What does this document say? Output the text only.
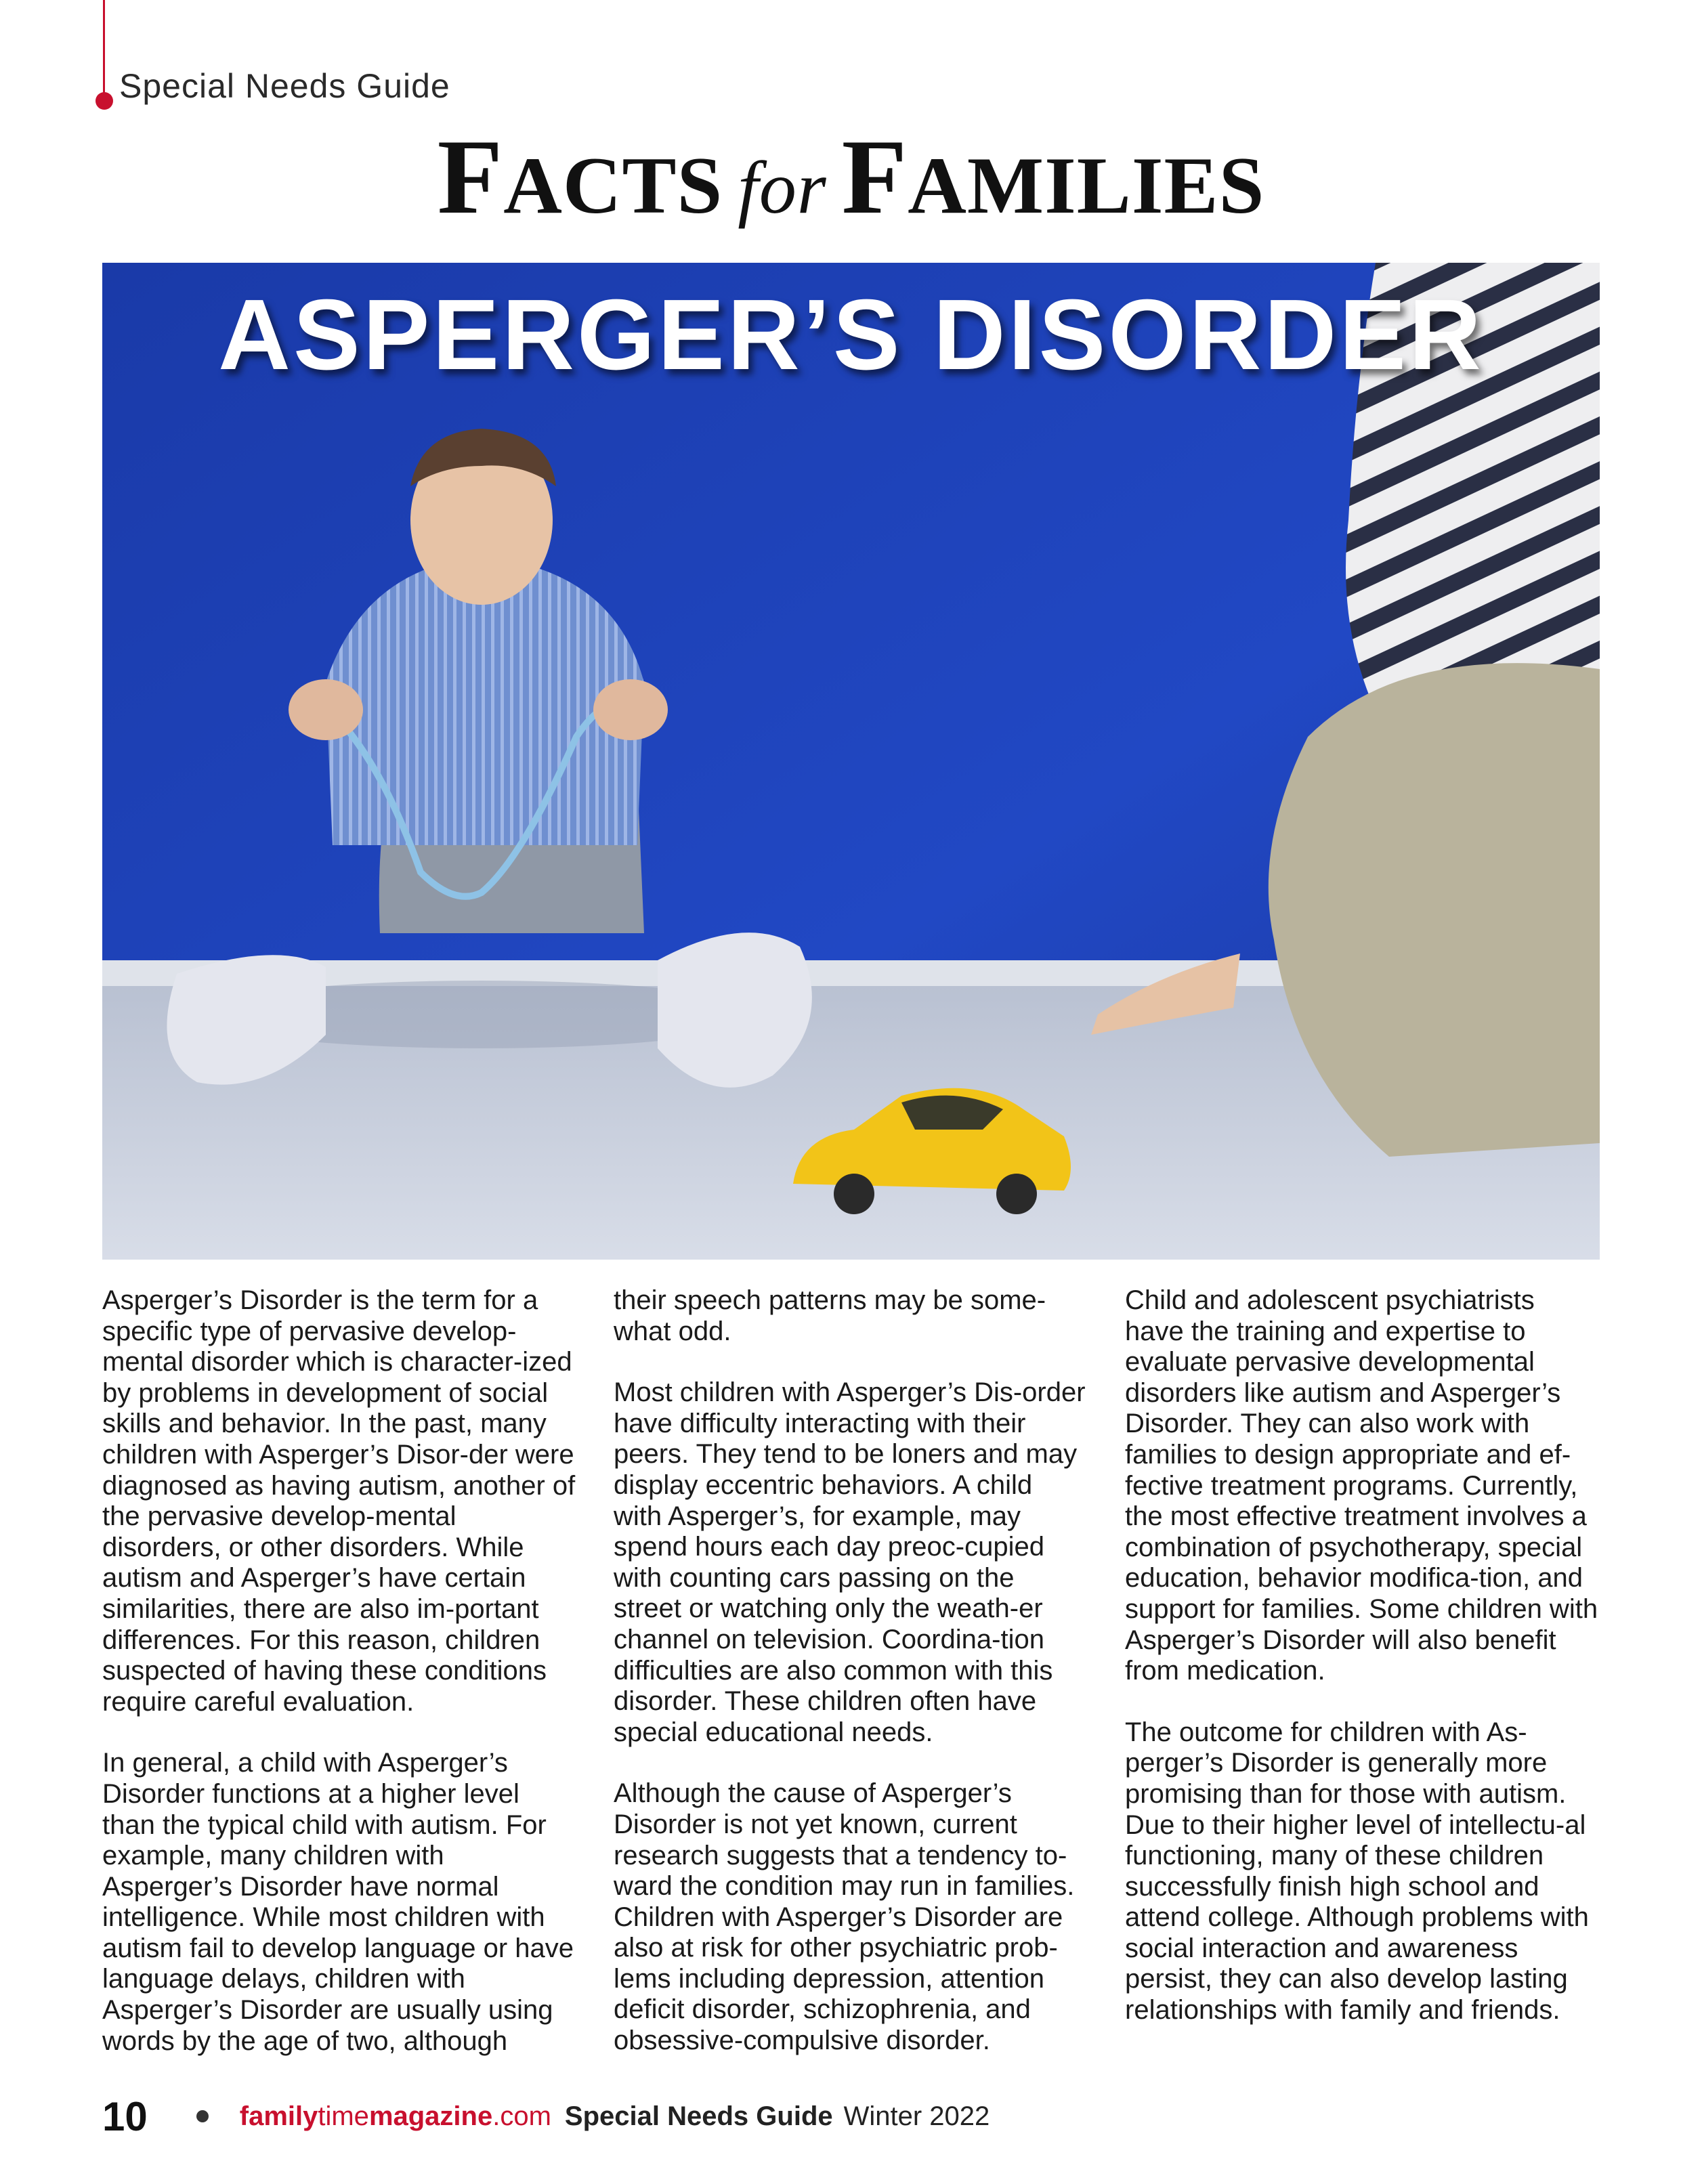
Special Needs Guide
FACTS for FAMILIES
ASPERGER’S DISORDER

Asperger’s Disorder is the term for a specific type of pervasive develop-mental disorder which is character-ized by problems in development of social skills and behavior. In the past, many children with Asperger’s Disor-der were diagnosed as having autism, another of the pervasive develop-mental disorders, or other disorders. While autism and Asperger’s have certain similarities, there are also im-portant differences. For this reason, children suspected of having these conditions require careful evaluation.

In general, a child with Asperger’s Disorder functions at a higher level than the typical child with autism. For example, many children with Asperger’s Disorder have normal intelligence. While most children with autism fail to develop language or have language delays, children with Asperger’s Disorder are usually using words by the age of two, although

their speech patterns may be some-what odd.

Most children with Asperger’s Dis-order have difficulty interacting with their peers. They tend to be loners and may display eccentric behaviors. A child with Asperger’s, for example, may spend hours each day preoc-cupied with counting cars passing on the street or watching only the weath-er channel on television. Coordina-tion difficulties are also common with this disorder. These children often have special educational needs.

Although the cause of Asperger’s Disorder is not yet known, current research suggests that a tendency to-ward the condition may run in families. Children with Asperger’s Disorder are also at risk for other psychiatric prob-lems including depression, attention deficit disorder, schizophrenia, and obsessive-compulsive disorder.

Child and adolescent psychiatrists have the training and expertise to evaluate pervasive developmental disorders like autism and Asperger’s Disorder. They can also work with families to design appropriate and ef-fective treatment programs. Currently, the most effective treatment involves a combination of psychotherapy, special education, behavior modifica-tion, and support for families. Some children with Asperger’s Disorder will also benefit from medication.

The outcome for children with As-perger’s Disorder is generally more promising than for those with autism. Due to their higher level of intellectu-al functioning, many of these children successfully finish high school and attend college. Although problems with social interaction and awareness persist, they can also develop lasting relationships with family and friends.

10	familytimemagazine.com Special Needs Guide Winter 2022
